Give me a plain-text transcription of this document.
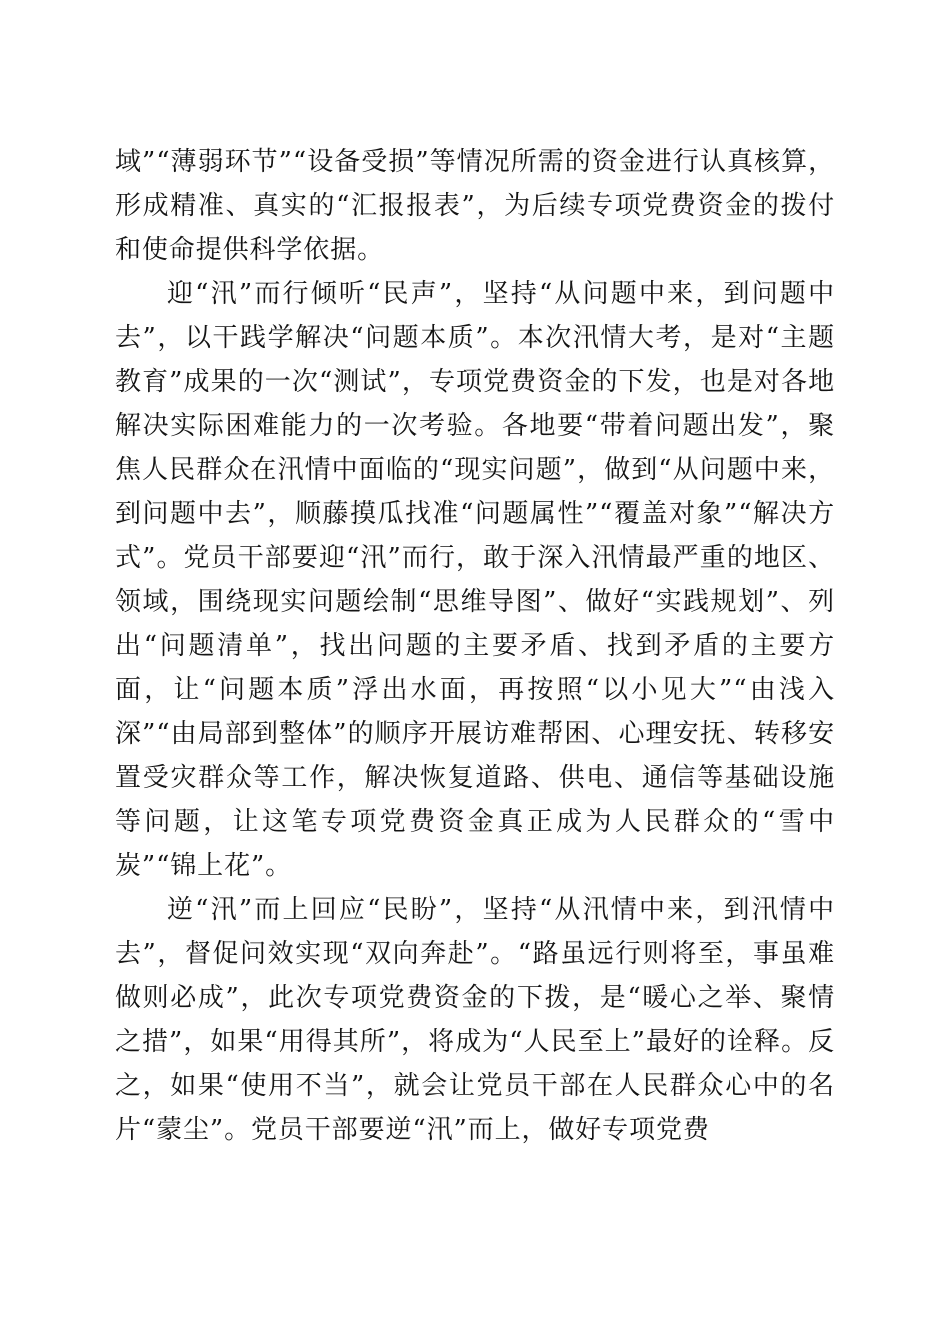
域”“薄弱环节”“设备受损”等情况所需的资金进行认真核算，形成精准、真实的“汇报报表”，为后续专项党费资金的拨付和使命提供科学依据。

迎“汛”而行倾听“民声”，坚持“从问题中来，到问题中去”，以干践学解决“问题本质”。本次汛情大考，是对“主题教育”成果的一次“测试”，专项党费资金的下发，也是对各地解决实际困难能力的一次考验。各地要“带着问题出发”，聚焦人民群众在汛情中面临的“现实问题”，做到“从问题中来，到问题中去”，顺藤摸瓜找准“问题属性”“覆盖对象”“解决方式”。党员干部要迎“汛”而行，敢于深入汛情最严重的地区、领域，围绕现实问题绘制“思维导图”、做好“实践规划”、列出“问题清单”，找出问题的主要矛盾、找到矛盾的主要方面，让“问题本质”浮出水面，再按照“以小见大”“由浅入深”“由局部到整体”的顺序开展访难帮困、心理安抚、转移安置受灾群众等工作，解决恢复道路、供电、通信等基础设施等问题，让这笔专项党费资金真正成为人民群众的“雪中炭”“锦上花”。

逆“汛”而上回应“民盼”，坚持“从汛情中来，到汛情中去”，督促问效实现“双向奔赴”。“路虽远行则将至，事虽难做则必成”，此次专项党费资金的下拨，是“暖心之举、聚情之措”，如果“用得其所”，将成为“人民至上”最好的诠释。反之，如果“使用不当”，就会让党员干部在人民群众心中的名片“蒙尘”。党员干部要逆“汛”而上，做好专项党费
